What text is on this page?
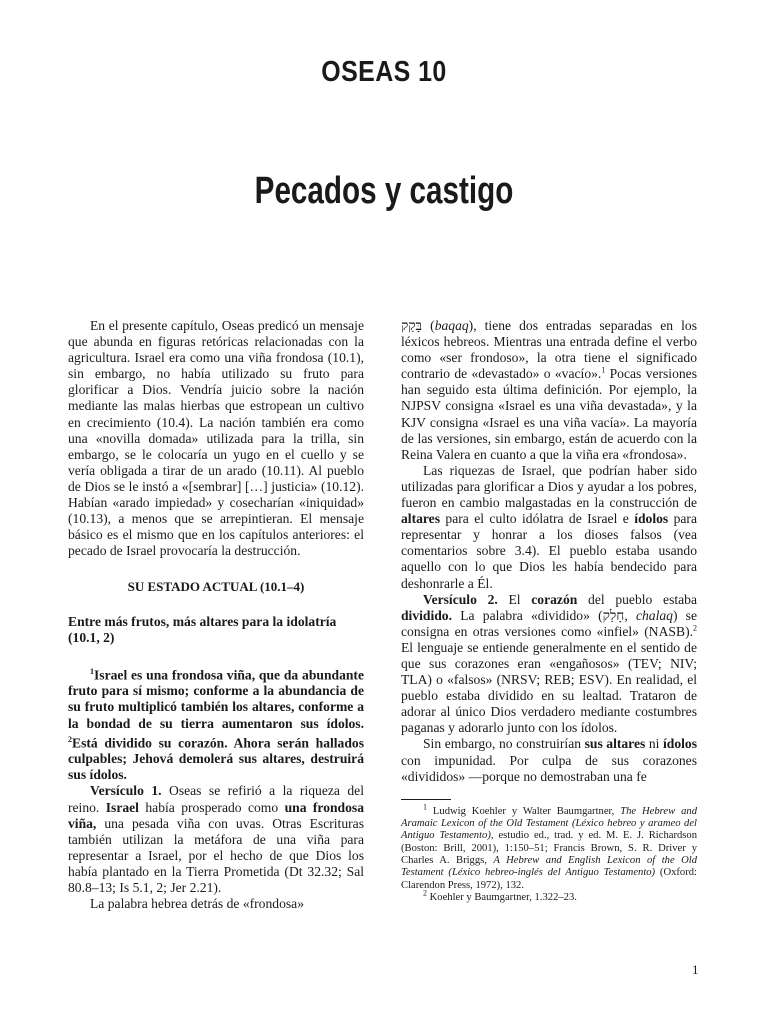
OSEAS 10
Pecados y castigo

En el presente capítulo, Oseas predicó un mensaje que abunda en figuras retóricas relacionadas con la agricultura. Israel era como una viña frondosa (10.1), sin embargo, no había utilizado su fruto para glorificar a Dios. Vendría juicio sobre la nación mediante las malas hierbas que estropean un cultivo en crecimiento (10.4). La nación también era como una «novilla domada» utilizada para la trilla, sin embargo, se le colocaría un yugo en el cuello y se vería obligada a tirar de un arado (10.11). Al pueblo de Dios se le instó a «[sembrar] […] justicia» (10.12). Habían «arado impiedad» y cosecharían «iniquidad» (10.13), a menos que se arrepintieran. El mensaje básico es el mismo que en los capítulos anteriores: el pecado de Israel provocaría la destrucción.

SU ESTADO ACTUAL (10.1–4)
Entre más frutos, más altares para la idolatría (10.1, 2)

$^1$Israel es una frondosa viña, que da abundante fruto para sí mismo; conforme a la abundancia de su fruto multiplicó también los altares, conforme a la bondad de su tierra aumentaron sus ídolos. $^2$Está dividido su corazón. Ahora serán hallados culpables; Jehová demolerá sus altares, destruirá sus ídolos.

Versículo 1. Oseas se refirió a la riqueza del reino. Israel había prosperado como una frondosa viña, una pesada viña con uvas. Otras Escrituras también utilizan la metáfora de una viña para representar a Israel, por el hecho de que Dios los había plantado en la Tierra Prometida (Dt 32.32; Sal 80.8–13; Is 5.1, 2; Jer 2.21).

La palabra hebrea detrás de «frondosa»

בָּקַק (baqaq), tiene dos entradas separadas en los léxicos hebreos. Mientras una entrada define el verbo como «ser frondoso», la otra tiene el significado contrario de «devastado» o «vacío».$^1$ Pocas versiones han seguido esta última definición. Por ejemplo, la NJPSV consigna «Israel es una viña devastada», y la KJV consigna «Israel es una viña vacía». La mayoría de las versiones, sin embargo, están de acuerdo con la Reina Valera en cuanto a que la viña era «frondosa».

Las riquezas de Israel, que podrían haber sido utilizadas para glorificar a Dios y ayudar a los pobres, fueron en cambio malgastadas en la construcción de altares para el culto idólatra de Israel e ídolos para representar y honrar a los dioses falsos (vea comentarios sobre 3.4). El pueblo estaba usando aquello con lo que Dios les había bendecido para deshonrarle a Él.

Versículo 2. El corazón del pueblo estaba dividido. La palabra «dividido» (חָלַק, chalaq) se consigna en otras versiones como «infiel» (NASB).$^2$ El lenguaje se entiende generalmente en el sentido de que sus corazones eran «engañosos» (TEV; NIV; TLA) o «falsos» (NRSV; REB; ESV). En realidad, el pueblo estaba dividido en su lealtad. Trataron de adorar al único Dios verdadero mediante costumbres paganas y adorarlo junto con los ídolos.

Sin embargo, no construirían sus altares ni ídolos con impunidad. Por culpa de sus corazones «divididos» —porque no demostraban una fe

$^1$ Ludwig Koehler y Walter Baumgartner, The Hebrew and Aramaic Lexicon of the Old Testament (Léxico hebreo y arameo del Antiguo Testamento), estudio ed., trad. y ed. M. E. J. Richardson (Boston: Brill, 2001), 1:150–51; Francis Brown, S. R. Driver y Charles A. Briggs, A Hebrew and English Lexicon of the Old Testament (Léxico hebreo-inglés del Antiguo Testamento) (Oxford: Clarendon Press, 1972), 132.

$^2$ Koehler y Baumgartner, 1.322–23.

1
